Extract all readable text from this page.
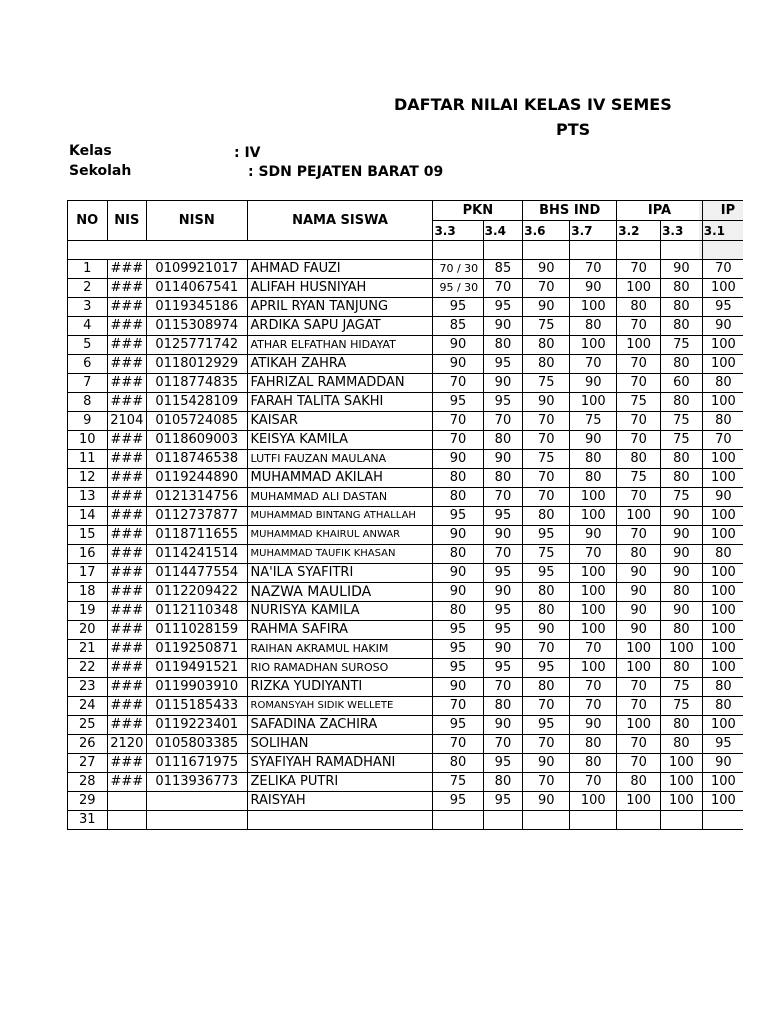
DAFTAR NILAI KELAS IV SEMES
PTS
Kelas	: IV
Sekolah	: SDN PEJATEN BARAT 09
NO	NIS	NISN	NAMA SISWA	PKN		BHS IND		IPA		IP
				3.3	3.4	3.6	3.7	3.2	3.3	3.1

1	###	0109921017	AHMAD FAUZI	70 / 30	85	90	70	70	90	70
2	###	0114067541	ALIFAH HUSNIYAH	95 / 30	70	70	90	100	80	100
3	###	0119345186	APRIL RYAN TANJUNG	95	95	90	100	80	80	95
4	###	0115308974	ARDIKA SAPU JAGAT	85	90	75	80	70	80	90
5	###	0125771742	ATHAR ELFATHAN HIDAYAT	90	80	80	100	100	75	100
6	###	0118012929	ATIKAH ZAHRA	90	95	80	70	70	80	100
7	###	0118774835	FAHRIZAL RAMMADDAN	70	90	75	90	70	60	80
8	###	0115428109	FARAH TALITA SAKHI	95	95	90	100	75	80	100
9	2104	0105724085	KAISAR	70	70	70	75	70	75	80
10	###	0118609003	KEISYA KAMILA	70	80	70	90	70	75	70
11	###	0118746538	LUTFI FAUZAN MAULANA	90	90	75	80	80	80	100
12	###	0119244890	MUHAMMAD AKILAH	80	80	70	80	75	80	100
13	###	0121314756	MUHAMMAD ALI DASTAN	80	70	70	100	70	75	90
14	###	0112737877	MUHAMMAD BINTANG ATHALLAH	95	95	80	100	100	90	100
15	###	0118711655	MUHAMMAD KHAIRUL ANWAR	90	90	95	90	70	90	100
16	###	0114241514	MUHAMMAD TAUFIK KHASAN	80	70	75	70	80	90	80
17	###	0114477554	NA'ILA SYAFITRI	90	95	95	100	90	90	100
18	###	0112209422	NAZWA MAULIDA	90	90	80	100	90	80	100
19	###	0112110348	NURISYA KAMILA	80	95	80	100	90	90	100
20	###	0111028159	RAHMA SAFIRA	95	95	90	100	90	80	100
21	###	0119250871	RAIHAN AKRAMUL HAKIM	95	90	70	70	100	100	100
22	###	0119491521	RIO RAMADHAN SUROSO	95	95	95	100	100	80	100
23	###	0119903910	RIZKA YUDIYANTI	90	70	80	70	70	75	80
24	###	0115185433	ROMANSYAH SIDIK WELLETE	70	80	70	70	70	75	80
25	###	0119223401	SAFADINA ZACHIRA	95	90	95	90	100	80	100
26	2120	0105803385	SOLIHAN	70	70	70	80	70	80	95
27	###	0111671975	SYAFIYAH RAMADHANI	80	95	90	80	70	100	90
28	###	0113936773	ZELIKA PUTRI	75	80	70	70	80	100	100
29			RAISYAH	95	95	90	100	100	100	100
31										
